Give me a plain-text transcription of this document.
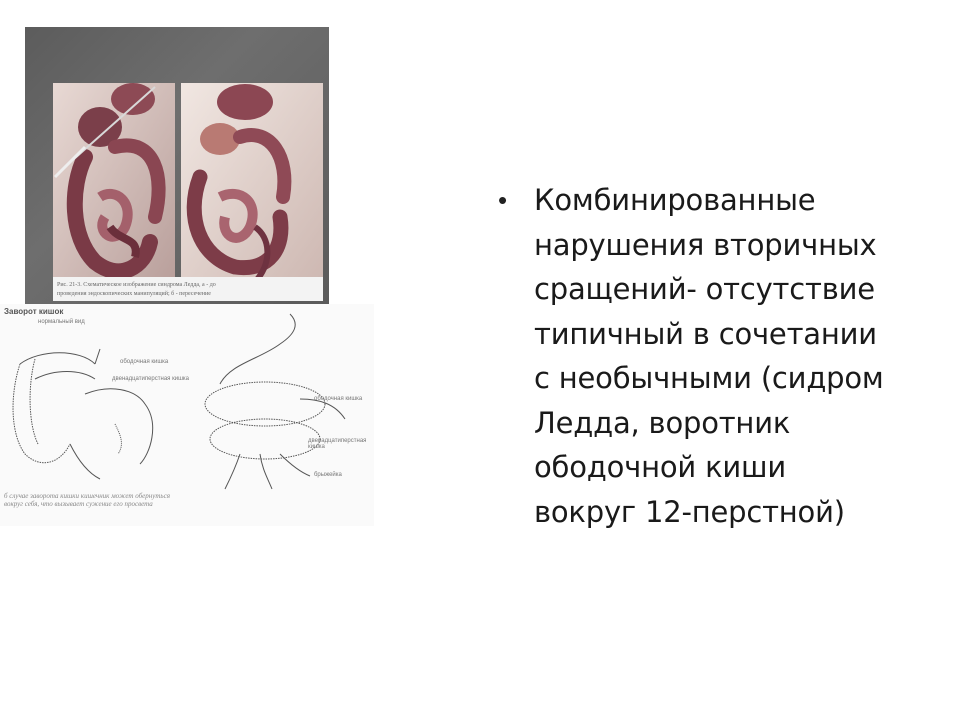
Рис. 21-3. Схематическое изображение синдрома Ледда, а - до
проведения эндоскопических манипуляций; б - пересечение
Заворот кишок
нормальный вид
ободочная кишка
двенадцатиперстная кишка
ободочная кишка
двенадцатиперстная кишка
брыжейка
б случае заворота кишки кишечник может обернуться вокруг себя, что вызывает сужение его просвета
• Комбинированные нарушения вторичных сращений- отсутствие типичный в сочетании с необычными (сидром Ледда, воротник ободочной киши вокруг 12-перстной)
